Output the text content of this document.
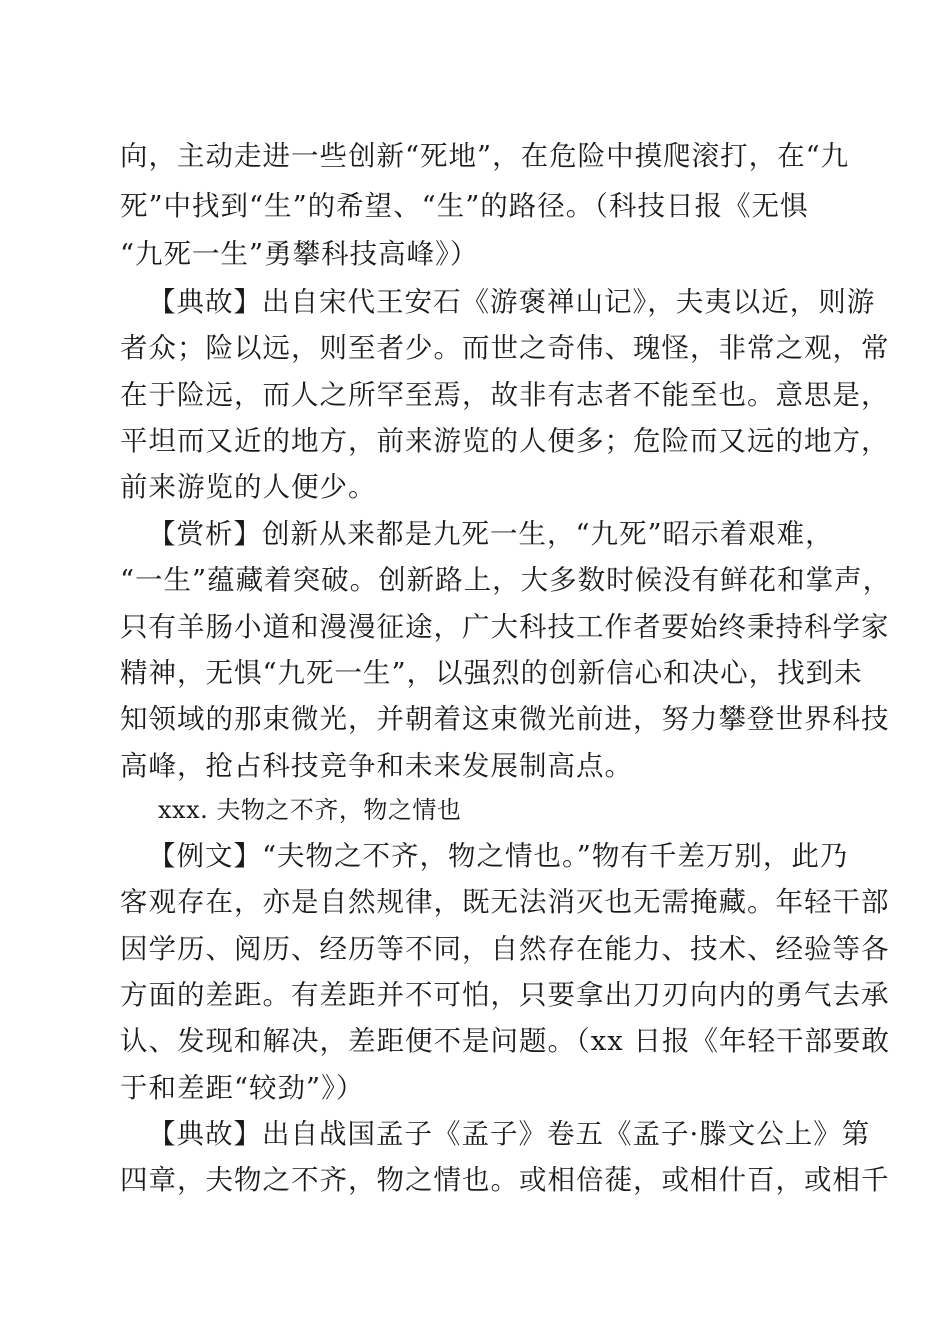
向，主动走进一些创新“死地”，在危险中摸爬滚打，在“九
死”中找到“生”的希望、“生”的路径。（科技日报《无惧
“九死一生”勇攀科技高峰》）
【典故】出自宋代王安石《游褒禅山记》，夫夷以近，则游
者众；险以远，则至者少。而世之奇伟、瑰怪，非常之观，常
在于险远，而人之所罕至焉，故非有志者不能至也。意思是，
平坦而又近的地方，前来游览的人便多；危险而又远的地方，
前来游览的人便少。
【赏析】创新从来都是九死一生，“九死”昭示着艰难，
“一生”蕴藏着突破。创新路上，大多数时候没有鲜花和掌声，
只有羊肠小道和漫漫征途，广大科技工作者要始终秉持科学家
精神，无惧“九死一生”，以强烈的创新信心和决心，找到未
知领域的那束微光，并朝着这束微光前进，努力攀登世界科技
高峰，抢占科技竞争和未来发展制高点。
xxx. 夫物之不齐，物之情也
【例文】“夫物之不齐，物之情也。”物有千差万别，此乃
客观存在，亦是自然规律，既无法消灭也无需掩藏。年轻干部
因学历、阅历、经历等不同，自然存在能力、技术、经验等各
方面的差距。有差距并不可怕，只要拿出刀刃向内的勇气去承
认、发现和解决，差距便不是问题。（xx 日报《年轻干部要敢
于和差距“较劲”》）
【典故】出自战国孟子《孟子》卷五《孟子·滕文公上》第
四章，夫物之不齐，物之情也。或相倍蓰，或相什百，或相千
